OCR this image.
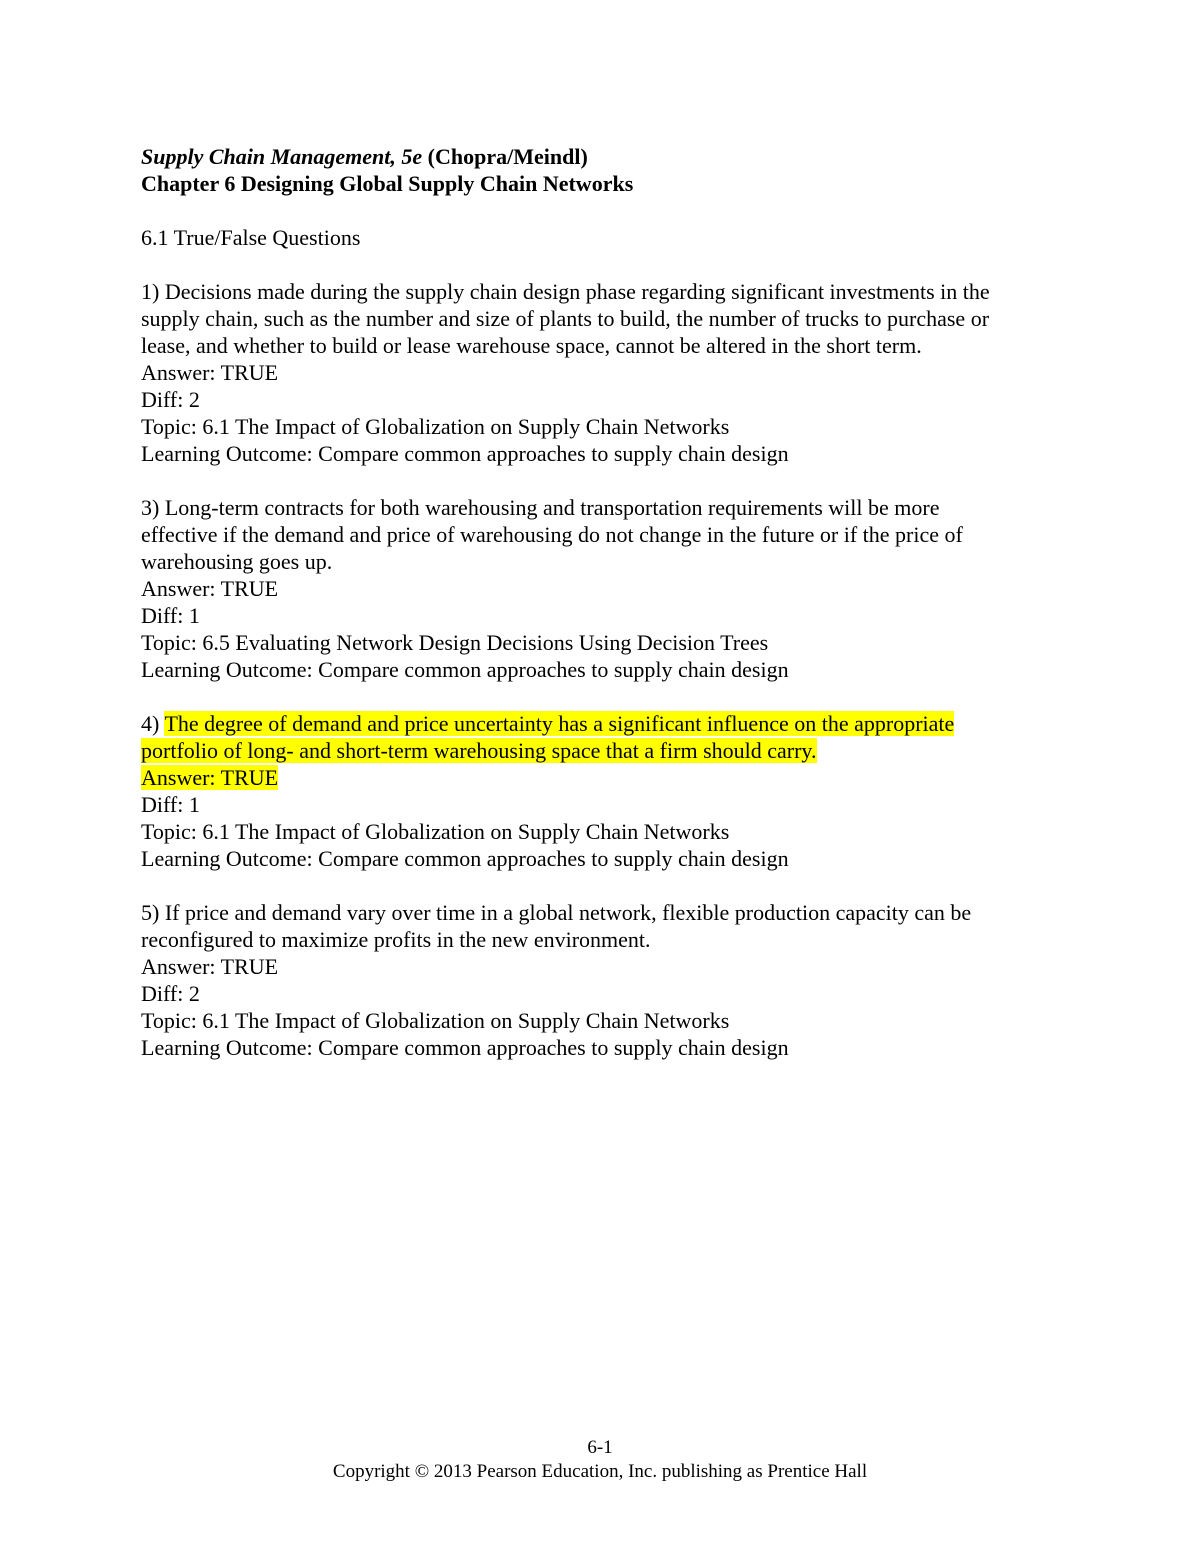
Supply Chain Management, 5e (Chopra/Meindl)
Chapter 6 Designing Global Supply Chain Networks
6.1 True/False Questions
1) Decisions made during the supply chain design phase regarding significant investments in the
supply chain, such as the number and size of plants to build, the number of trucks to purchase or
lease, and whether to build or lease warehouse space, cannot be altered in the short term.
Answer: TRUE
Diff: 2
Topic: 6.1 The Impact of Globalization on Supply Chain Networks
Learning Outcome: Compare common approaches to supply chain design
3) Long-term contracts for both warehousing and transportation requirements will be more
effective if the demand and price of warehousing do not change in the future or if the price of
warehousing goes up.
Answer: TRUE
Diff: 1
Topic: 6.5 Evaluating Network Design Decisions Using Decision Trees
Learning Outcome: Compare common approaches to supply chain design
4) The degree of demand and price uncertainty has a significant influence on the appropriate
portfolio of long- and short-term warehousing space that a firm should carry.
Answer: TRUE
Diff: 1
Topic: 6.1 The Impact of Globalization on Supply Chain Networks
Learning Outcome: Compare common approaches to supply chain design
5) If price and demand vary over time in a global network, flexible production capacity can be
reconfigured to maximize profits in the new environment.
Answer: TRUE
Diff: 2
Topic: 6.1 The Impact of Globalization on Supply Chain Networks
Learning Outcome: Compare common approaches to supply chain design
6-1
Copyright © 2013 Pearson Education, Inc. publishing as Prentice Hall
